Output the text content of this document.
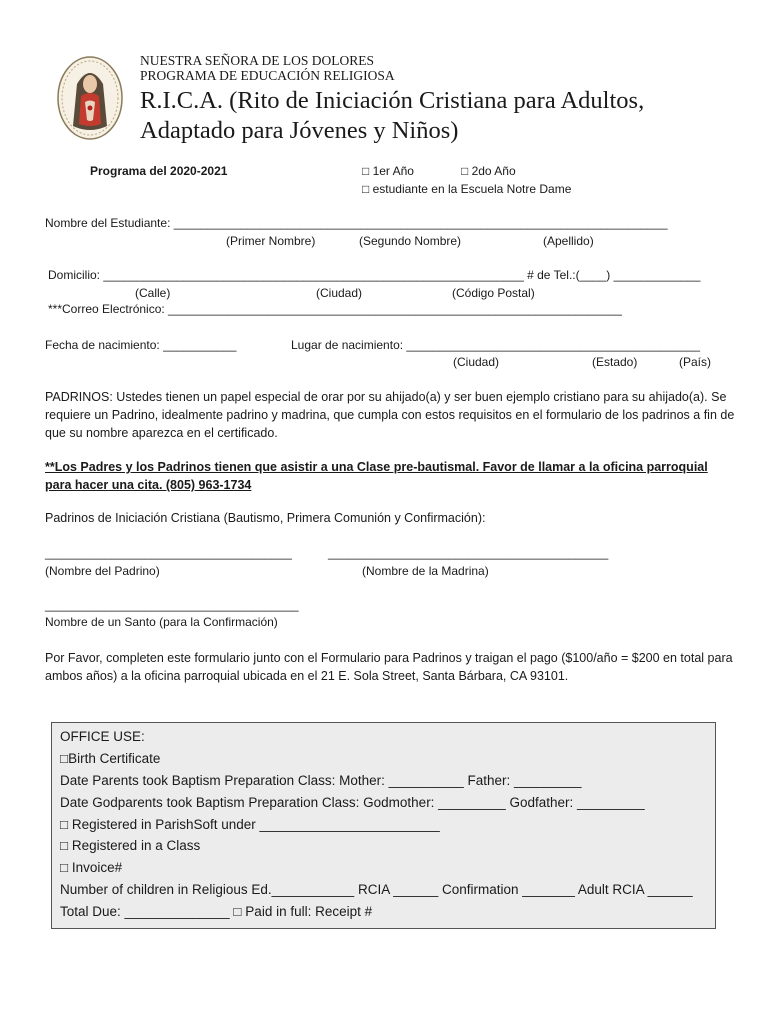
NUESTRA SEÑORA DE LOS DOLORES
PROGRAMA DE EDUCACIÓN RELIGIOSA
R.I.C.A. (Rito de Iniciación Cristiana para Adultos,
Adaptado para Jóvenes y Niños)
Programa del 2020-2021	□ 1er Año	□ 2do Año
□ estudiante en la Escuela Notre Dame
Nombre del Estudiante: __________________________________________________________________________
(Primer Nombre)	(Segundo Nombre)	(Apellido)
Domicilio: _______________________________________________________________ # de Tel.:(____) _____________
(Calle)	(Ciudad)	(Código Postal)
***Correo Electrónico: ____________________________________________________________________
Fecha de nacimiento: ___________	Lugar de nacimiento: ____________________________________________
(Ciudad)	(Estado)	(País)
PADRINOS: Ustedes tienen un papel especial de orar por su ahijado(a) y ser buen ejemplo cristiano para su ahijado(a). Se requiere un Padrino, idealmente padrino y madrina, que cumpla con estos requisitos en el formulario de los padrinos a fin de que su nombre aparezca en el certificado.
**Los Padres y los Padrinos tienen que asistir a una Clase pre-bautismal. Favor de llamar a la oficina parroquial para hacer una cita. (805) 963-1734
Padrinos de Iniciación Cristiana (Bautismo, Primera Comunión y Confirmación):
_____________________________________	__________________________________________
(Nombre del Padrino)	(Nombre de la Madrina)
______________________________________
Nombre de un Santo (para la Confirmación)
Por Favor, completen este formulario junto con el Formulario para Padrinos y traigan el pago ($100/año = $200 en total para ambos años) a la oficina parroquial ubicada en el 21 E. Sola Street, Santa Bárbara, CA 93101.
OFFICE USE:
□Birth Certificate
Date Parents took Baptism Preparation Class: Mother: __________ Father: _________
Date Godparents took Baptism Preparation Class: Godmother: _________ Godfather: _________
□ Registered in ParishSoft under ________________________
□ Registered in a Class
□ Invoice#
Number of children in Religious Ed.___________ RCIA ______ Confirmation _______ Adult RCIA ______
Total Due: ______________ □ Paid in full: Receipt #
